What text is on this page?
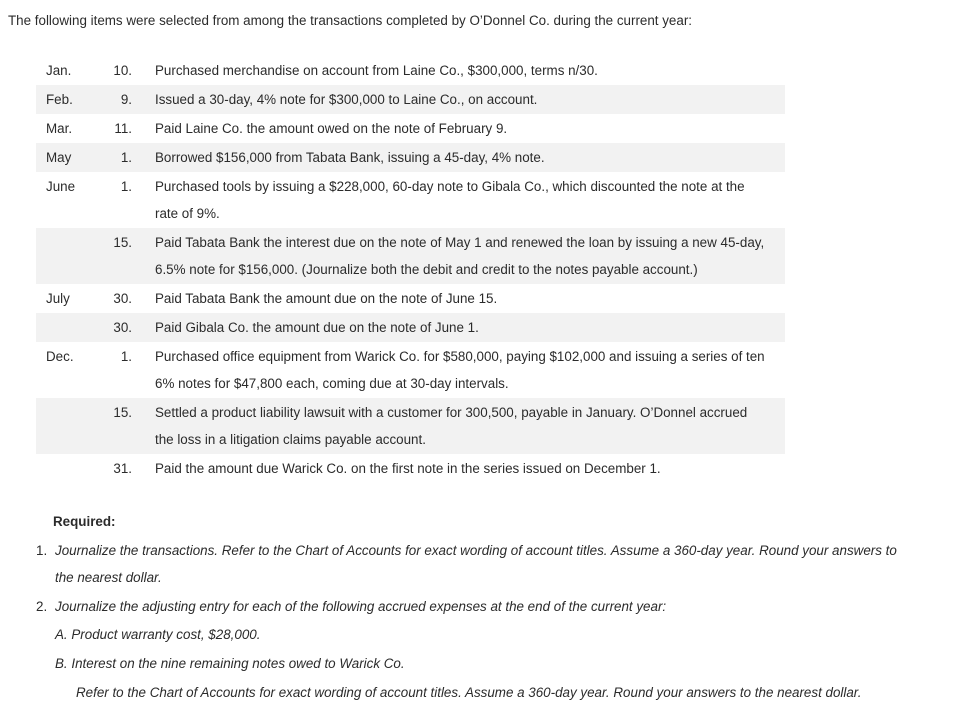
The following items were selected from among the transactions completed by O’Donnel Co. during the current year:
Jan.	10. Purchased merchandise on account from Laine Co., $300,000, terms n/30.
Feb.	9. Issued a 30-day, 4% note for $300,000 to Laine Co., on account.
Mar.	11. Paid Laine Co. the amount owed on the note of February 9.
May	1. Borrowed $156,000 from Tabata Bank, issuing a 45-day, 4% note.
June	1. Purchased tools by issuing a $228,000, 60-day note to Gibala Co., which discounted the note at the
rate of 9%.
15. Paid Tabata Bank the interest due on the note of May 1 and renewed the loan by issuing a new 45-day,
6.5% note for $156,000. (Journalize both the debit and credit to the notes payable account.)
July	30. Paid Tabata Bank the amount due on the note of June 15.
30. Paid Gibala Co. the amount due on the note of June 1.
Dec.	1. Purchased office equipment from Warick Co. for $580,000, paying $102,000 and issuing a series of ten
6% notes for $47,800 each, coming due at 30-day intervals.
15. Settled a product liability lawsuit with a customer for 300,500, payable in January. O’Donnel accrued
the loss in a litigation claims payable account.
31. Paid the amount due Warick Co. on the first note in the series issued on December 1.
Required:
1. Journalize the transactions. Refer to the Chart of Accounts for exact wording of account titles. Assume a 360-day year. Round your answers to
the nearest dollar.
2. Journalize the adjusting entry for each of the following accrued expenses at the end of the current year:
A. Product warranty cost, $28,000.
B. Interest on the nine remaining notes owed to Warick Co.
Refer to the Chart of Accounts for exact wording of account titles. Assume a 360-day year. Round your answers to the nearest dollar.
